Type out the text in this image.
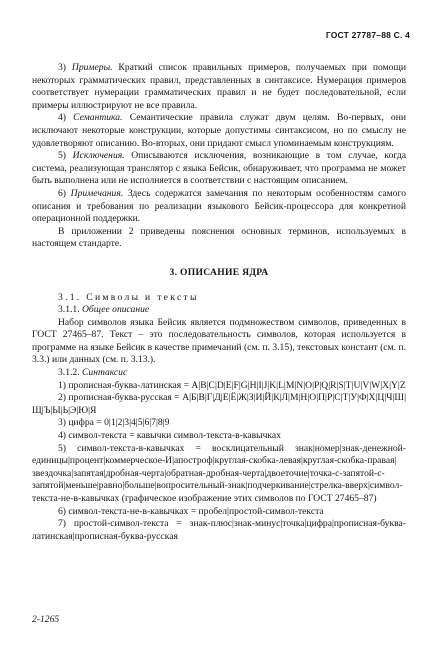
ГОСТ 27787–88 С. 4

3) Примеры. Краткий список правильных примеров, получаемых при помощи некоторых грамматических правил, представленных в синтаксисе. Нумерация примеров соответствует нумерации грамматических правил и не будет последовательной, если примеры иллюстрируют не все правила.

4) Семантика. Семантические правила служат двум целям. Во-первых, они исключают некоторые конструкции, которые допустимы синтаксисом, но по смыслу не удовлетворяют описанию. Во-вторых, они придают смысл упоминаемым конструкциям.

5) Исключения. Описываются исключения, возникающие в том случае, когда система, реализующая транслятор с языка Бейсик, обнаруживает, что программа не может быть выполнена или не исполняется в соответствии с настоящим описанием.

6) Примечания. Здесь содержатся замечания по некоторым особенностям самого описания и требования по реализации языкового Бейсик-процессора для конкретной операционной поддержки.

В приложении 2 приведены пояснения основных терминов, используемых в настоящем стандарте.

3. ОПИСАНИЕ ЯДРА

3.1. Символы и тексты

3.1.1. Общее описание

Набор символов языка Бейсик является подмножеством символов, приведенных в ГОСТ 27465–87. Текст – это последовательность символов, которая используется в программе на языке Бейсик в качестве примечаний (см. п. 3.15), текстовых констант (см. п. 3.3.) или данных (см. п. 3.13.).

3.1.2. Синтаксис

1) прописная-буква-латинская = A|B|C|D|E|F|G|H|I|J|K|L|M|N|O|P|Q|R|S|T|U|V|W|X|Y|Z

2) прописная-буква-русская = А|Б|В|Г|Д|Е|Ё|Ж|З|И|Й|К|Л|М|Н|О|П|Р|С|Т|У|Ф|Х|Ц|Ч|Ш|Щ|Ъ|Ы|Ь|Э|Ю|Я

3) цифра = 0|1|2|3|4|5|6|7|8|9

4) символ-текста = кавычки символ-текста-в-кавычках

5) символ-текста-в-кавычках = восклицательный знак|номер|знак-денежной-единицы|процент|коммерческое-И|апостроф|круглая-скобка-левая|круглая-скобка-правая|звездочка|запятая|дробная-черта|обратная-дробная-черта|двоеточие|точка-с-запятой-с-запятой|меньше|равно|больше|вопросительный-знак|подчеркивание|стрелка-вверх|символ-текста-не-в-кавычках (графическое изображение этих символов по ГОСТ 27465–87)

6) символ-текста-не-в-кавычках = пробел|простой-символ-текста

7) простой-символ-текста = знак-плюс|знак-минус|точка|цифра|прописная-буква-латинская|прописная-буква-русская

2-1265
